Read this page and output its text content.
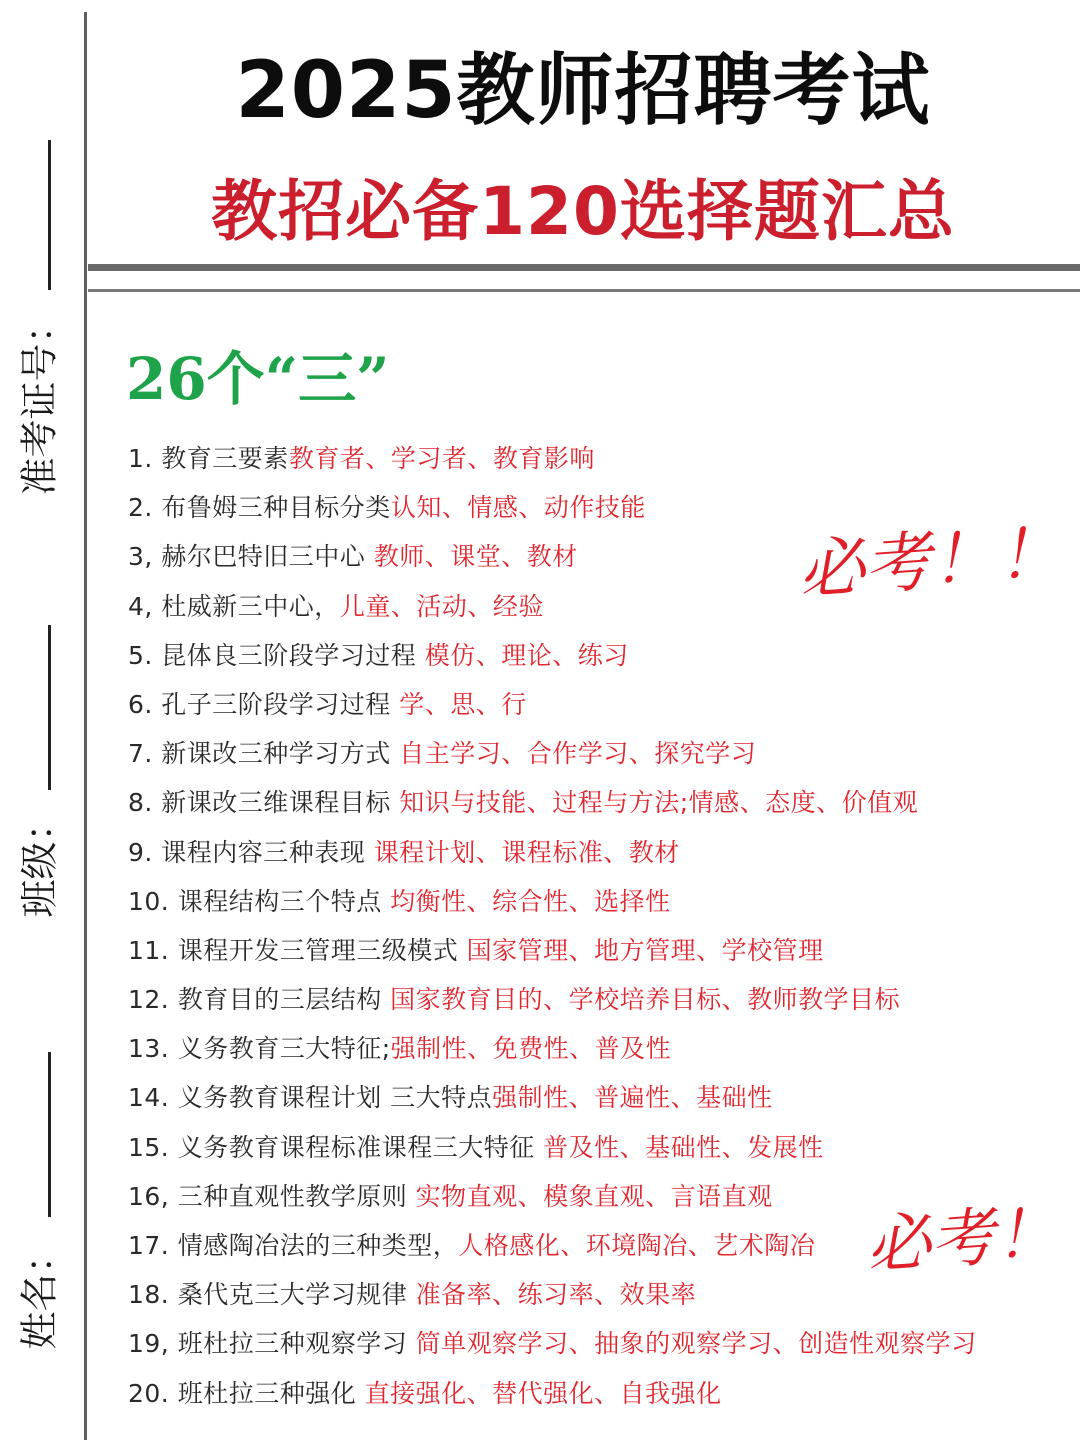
准考证号：
班级：
姓名：
2025教师招聘考试
教招必备120选择题汇总
26个“三”
1. 教育三要素教育者、学习者、教育影响
2. 布鲁姆三种目标分类认知、情感、动作技能
3, 赫尔巴特旧三中心 教师、课堂、教材
4, 杜威新三中心，儿童、活动、经验
5. 昆体良三阶段学习过程 模仿、理论、练习
6. 孔子三阶段学习过程 学、思、行
7. 新课改三种学习方式 自主学习、合作学习、探究学习
8. 新课改三维课程目标 知识与技能、过程与方法;情感、态度、价值观
9. 课程内容三种表现 课程计划、课程标准、教材
10. 课程结构三个特点 均衡性、综合性、选择性
11. 课程开发三管理三级模式 国家管理、地方管理、学校管理
12. 教育目的三层结构 国家教育目的、学校培养目标、教师教学目标
13. 义务教育三大特征;强制性、免费性、普及性
14. 义务教育课程计划 三大特点强制性、普遍性、基础性
15. 义务教育课程标准课程三大特征 普及性、基础性、发展性
16, 三种直观性教学原则 实物直观、模象直观、言语直观
17. 情感陶冶法的三种类型，人格感化、环境陶冶、艺术陶冶
18. 桑代克三大学习规律 准备率、练习率、效果率
19, 班杜拉三种观察学习 简单观察学习、抽象的观察学习、创造性观察学习
20. 班杜拉三种强化 直接强化、替代强化、自我强化
必考！！
必考！
